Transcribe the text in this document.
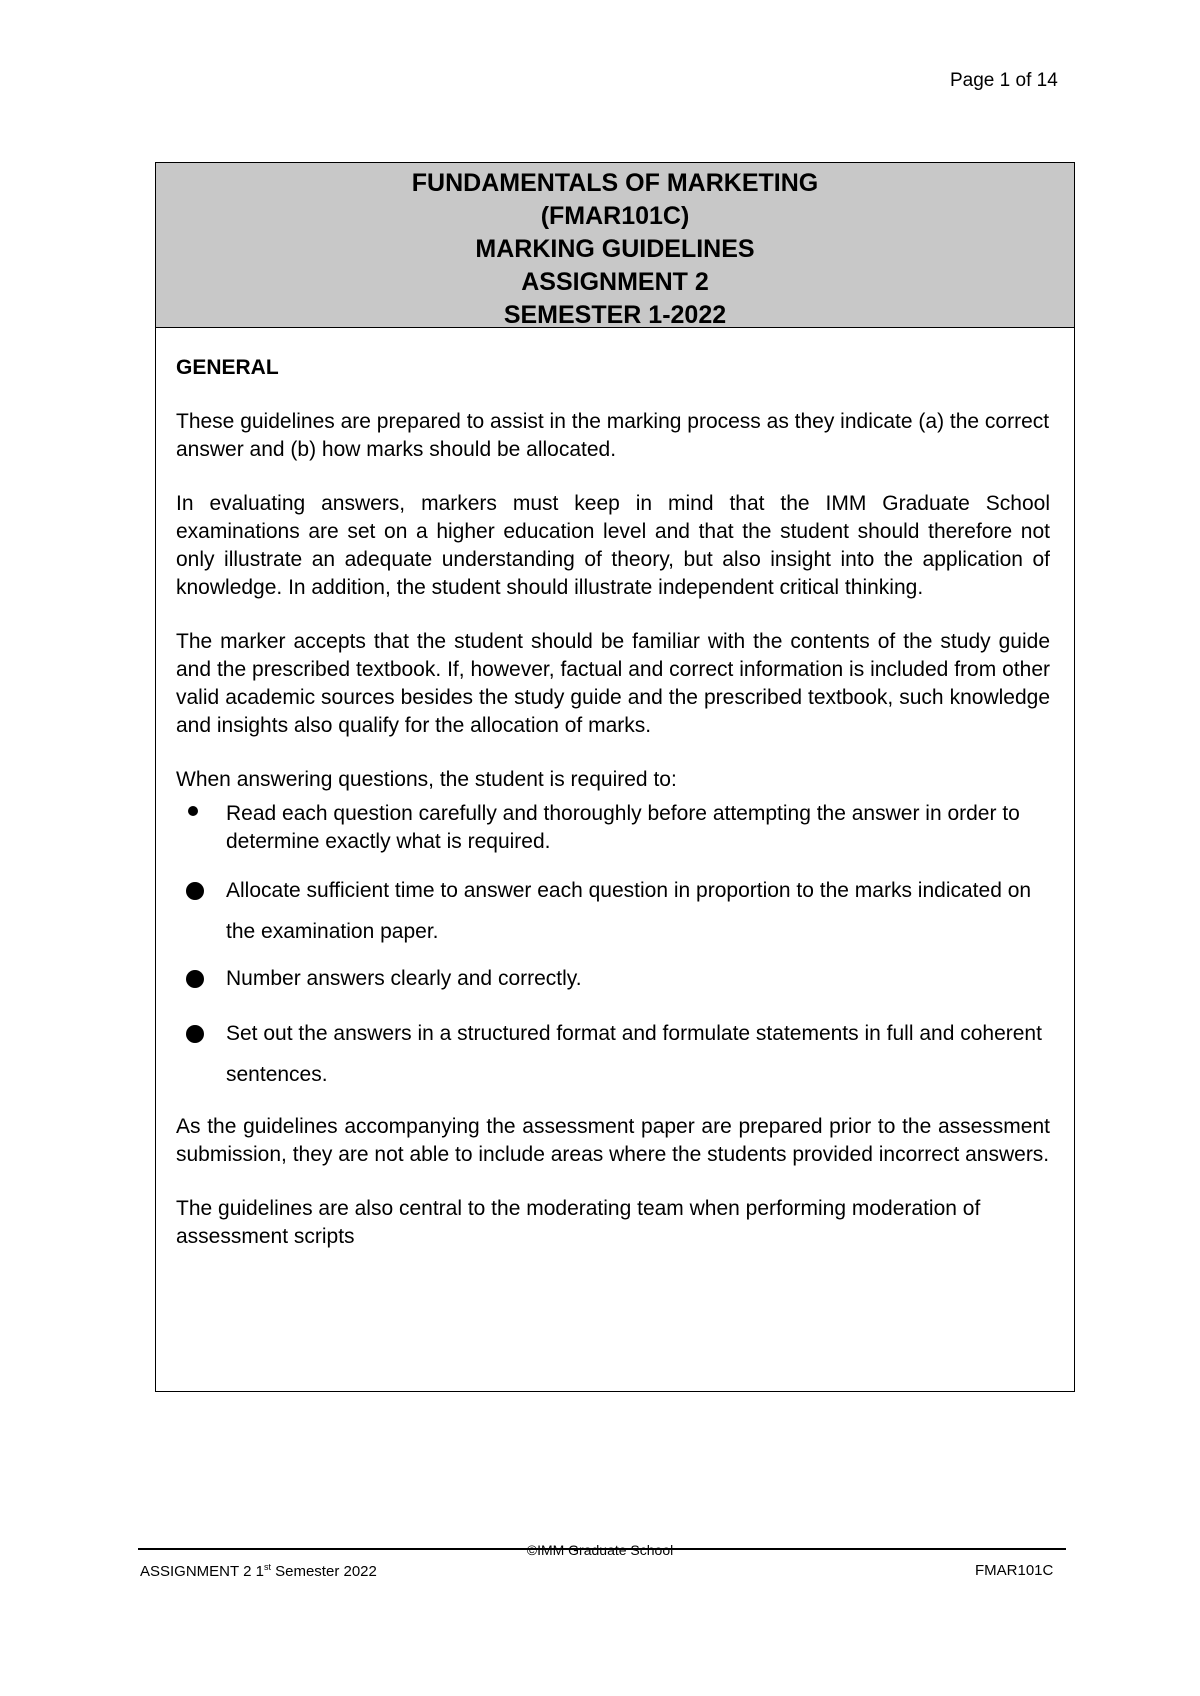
Page 1 of 14
FUNDAMENTALS OF MARKETING
(FMAR101C)
MARKING GUIDELINES
ASSIGNMENT 2
SEMESTER 1-2022
GENERAL

These guidelines are prepared to assist in the marking process as they indicate (a) the correct answer and (b) how marks should be allocated.

In evaluating answers, markers must keep in mind that the IMM Graduate School examinations are set on a higher education level and that the student should therefore not only illustrate an adequate understanding of theory, but also insight into the application of knowledge. In addition, the student should illustrate independent critical thinking.

The marker accepts that the student should be familiar with the contents of the study guide and the prescribed textbook. If, however, factual and correct information is included from other valid academic sources besides the study guide and the prescribed textbook, such knowledge and insights also qualify for the allocation of marks.

When answering questions, the student is required to:

Read each question carefully and thoroughly before attempting the answer in order to determine exactly what is required.
Allocate sufficient time to answer each question in proportion to the marks indicated on the examination paper.
Number answers clearly and correctly.
Set out the answers in a structured format and formulate statements in full and coherent sentences.

As the guidelines accompanying the assessment paper are prepared prior to the assessment submission, they are not able to include areas where the students provided incorrect answers.

The guidelines are also central to the moderating team when performing moderation of assessment scripts

©IMM Graduate School
ASSIGNMENT 2 1st Semester 2022	FMAR101C
